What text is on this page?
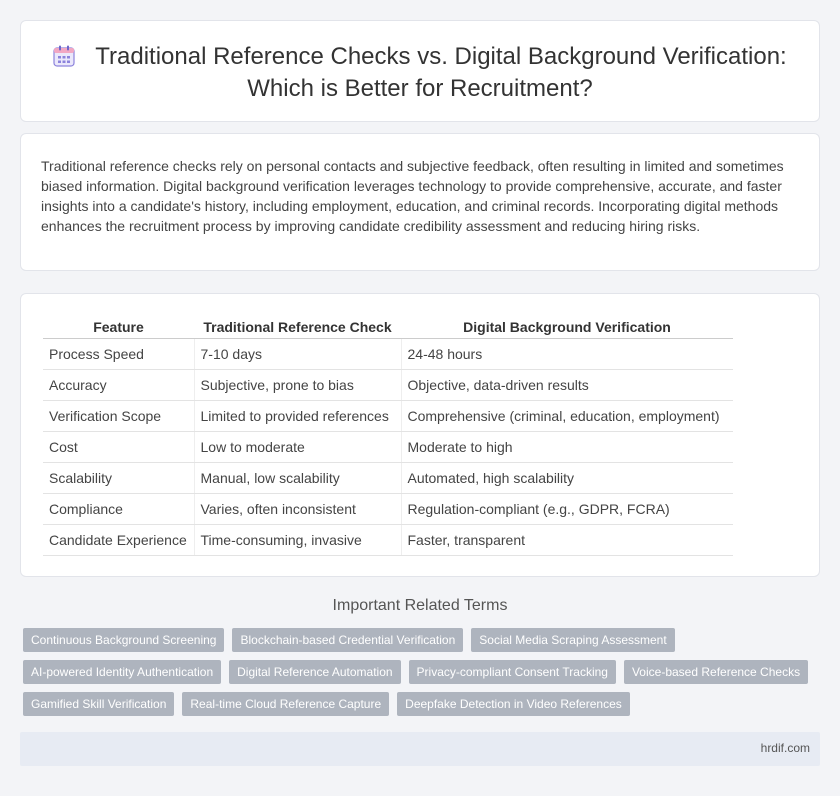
Traditional Reference Checks vs. Digital Background Verification:
Which is Better for Recruitment?

Traditional reference checks rely on personal contacts and subjective feedback, often resulting in limited and sometimes biased information. Digital background verification leverages technology to provide comprehensive, accurate, and faster insights into a candidate's history, including employment, education, and criminal records. Incorporating digital methods enhances the recruitment process by improving candidate credibility assessment and reducing hiring risks.

Feature	Traditional Reference Check	Digital Background Verification
Process Speed	7-10 days	24-48 hours
Accuracy	Subjective, prone to bias	Objective, data-driven results
Verification Scope	Limited to provided references	Comprehensive (criminal, education, employment)
Cost	Low to moderate	Moderate to high
Scalability	Manual, low scalability	Automated, high scalability
Compliance	Varies, often inconsistent	Regulation-compliant (e.g., GDPR, FCRA)
Candidate Experience	Time-consuming, invasive	Faster, transparent
Important Related Terms
Continuous Background Screening	Blockchain-based Credential Verification	Social Media Scraping Assessment
AI-powered Identity Authentication	Digital Reference Automation	Privacy-compliant Consent Tracking	Voice-based Reference Checks
Gamified Skill Verification	Real-time Cloud Reference Capture	Deepfake Detection in Video References
hrdif.com
